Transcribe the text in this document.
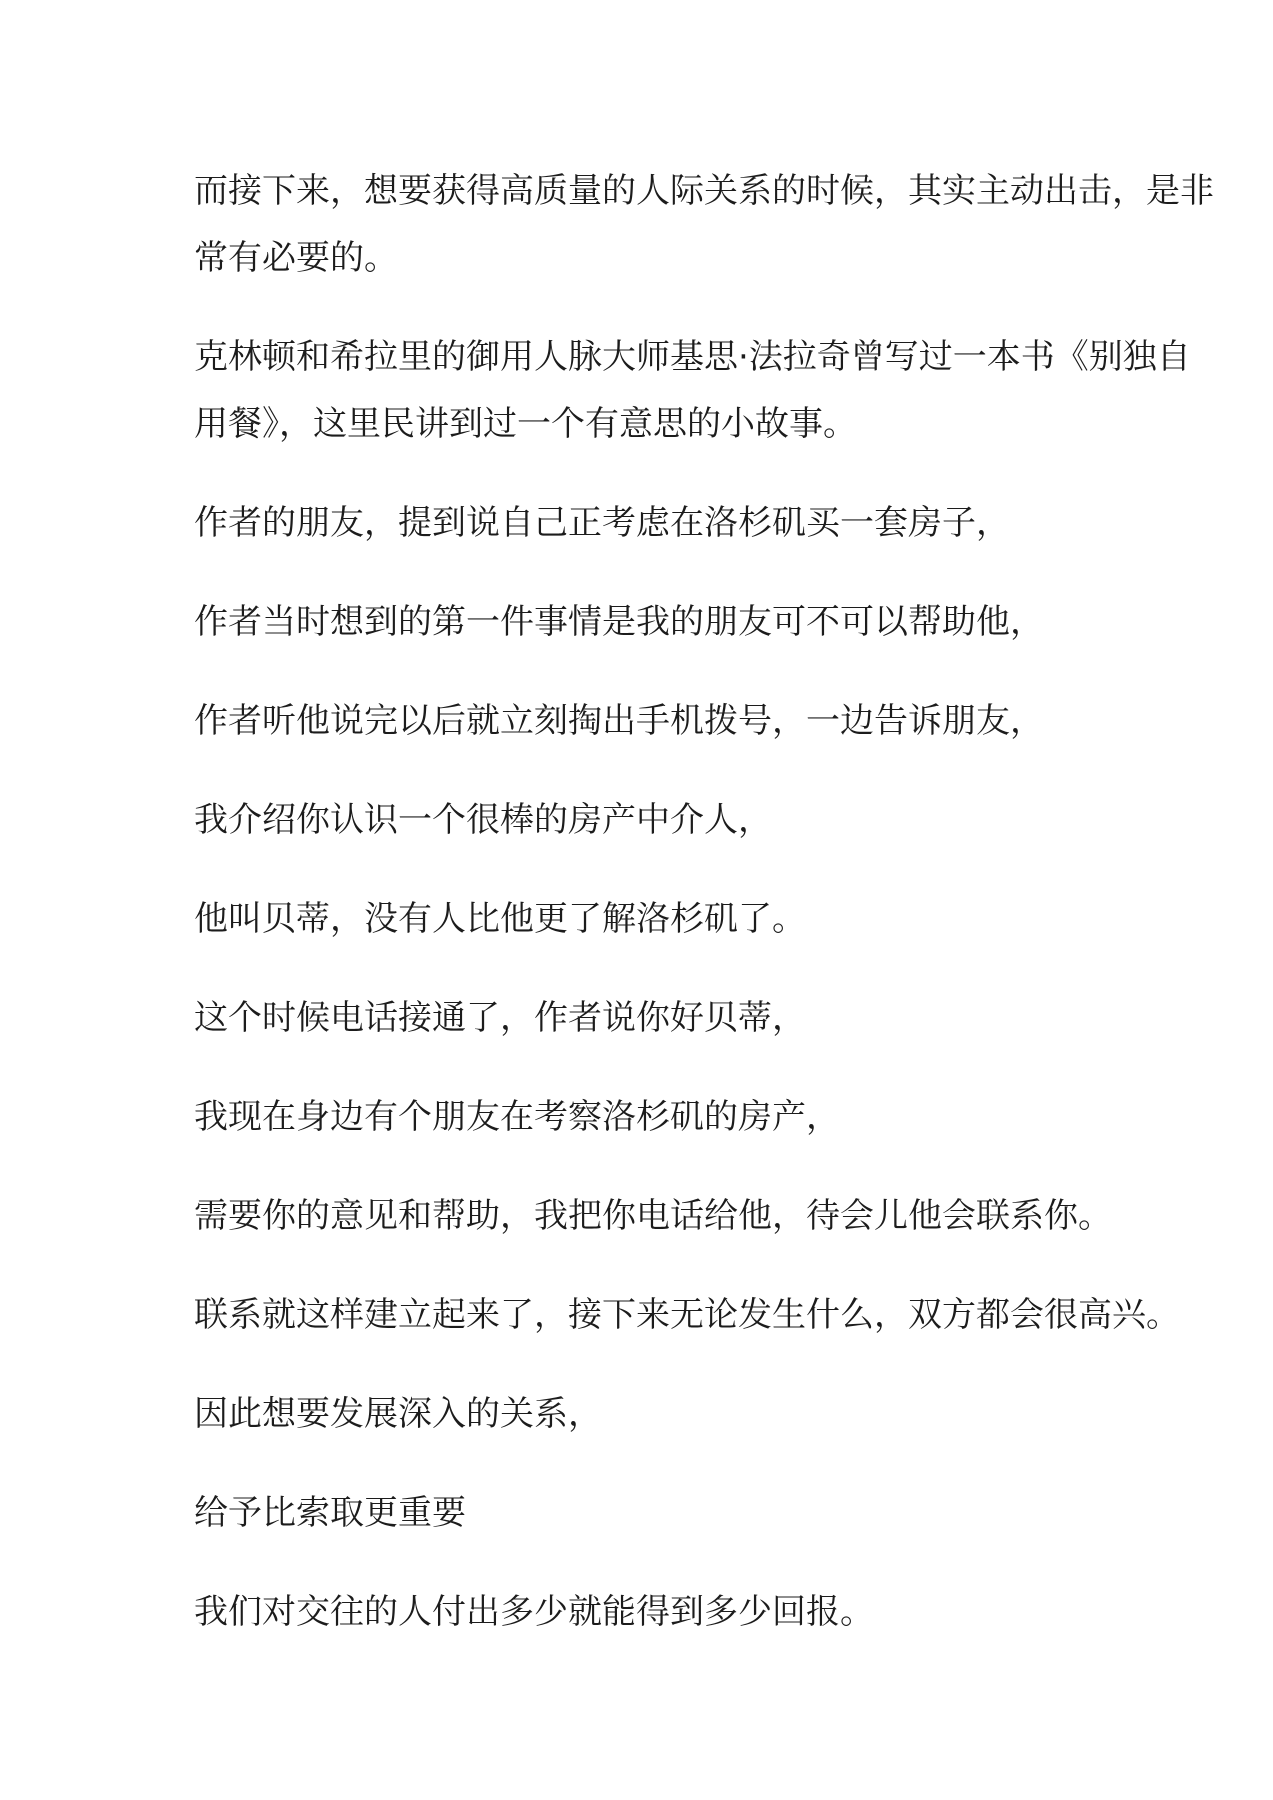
而接下来，想要获得高质量的人际关系的时候，其实主动出击，是非
常有必要的。

克林顿和希拉里的御用人脉大师基思·法拉奇曾写过一本书《别独自
用餐》，这里民讲到过一个有意思的小故事。

作者的朋友，提到说自己正考虑在洛杉矶买一套房子，

作者当时想到的第一件事情是我的朋友可不可以帮助他，

作者听他说完以后就立刻掏出手机拨号，一边告诉朋友，

我介绍你认识一个很棒的房产中介人，

他叫贝蒂，没有人比他更了解洛杉矶了。

这个时候电话接通了，作者说你好贝蒂，

我现在身边有个朋友在考察洛杉矶的房产，

需要你的意见和帮助，我把你电话给他，待会儿他会联系你。

联系就这样建立起来了，接下来无论发生什么，双方都会很高兴。

因此想要发展深入的关系，

给予比索取更重要

我们对交往的人付出多少就能得到多少回报。
